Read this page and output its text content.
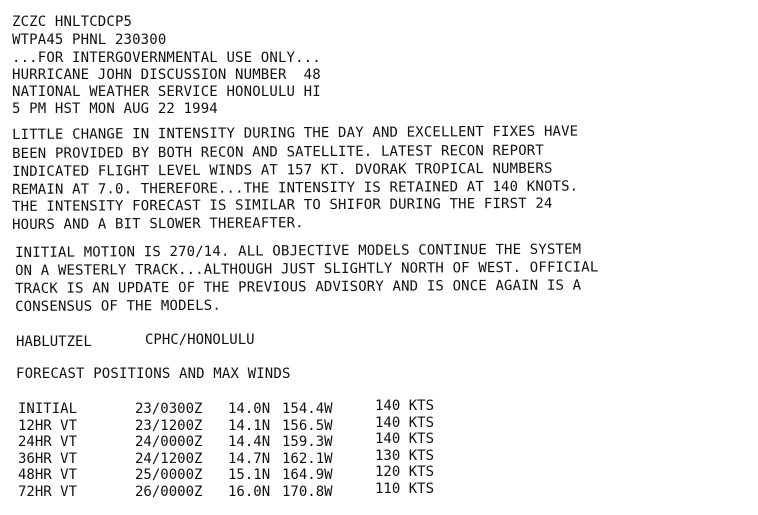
ZCZC HNLTCDCP5
WTPA45 PHNL 230300
...FOR INTERGOVERNMENTAL USE ONLY...
HURRICANE JOHN DISCUSSION NUMBER  48
NATIONAL WEATHER SERVICE HONOLULU HI
5 PM HST MON AUG 22 1994
LITTLE CHANGE IN INTENSITY DURING THE DAY AND EXCELLENT FIXES HAVE
BEEN PROVIDED BY BOTH RECON AND SATELLITE. LATEST RECON REPORT
INDICATED FLIGHT LEVEL WINDS AT 157 KT. DVORAK TROPICAL NUMBERS
REMAIN AT 7.0. THEREFORE...THE INTENSITY IS RETAINED AT 140 KNOTS.
THE INTENSITY FORECAST IS SIMILAR TO SHIFOR DURING THE FIRST 24
HOURS AND A BIT SLOWER THEREAFTER.
INITIAL MOTION IS 270/14. ALL OBJECTIVE MODELS CONTINUE THE SYSTEM
ON A WESTERLY TRACK...ALTHOUGH JUST SLIGHTLY NORTH OF WEST. OFFICIAL
TRACK IS AN UPDATE OF THE PREVIOUS ADVISORY AND IS ONCE AGAIN IS A
CONSENSUS OF THE MODELS.
HABLUTZEL	CPHC/HONOLULU
FORECAST POSITIONS AND MAX WINDS
INITIAL	23/0300Z 14.0N 154.4W	140 KTS
12HR VT	23/1200Z 14.1N 156.5W	140 KTS
24HR VT	24/0000Z 14.4N 159.3W	140 KTS
36HR VT	24/1200Z 14.7N 162.1W	130 KTS
48HR VT	25/0000Z 15.1N 164.9W	120 KTS
72HR VT	26/0000Z 16.0N 170.8W	110 KTS
